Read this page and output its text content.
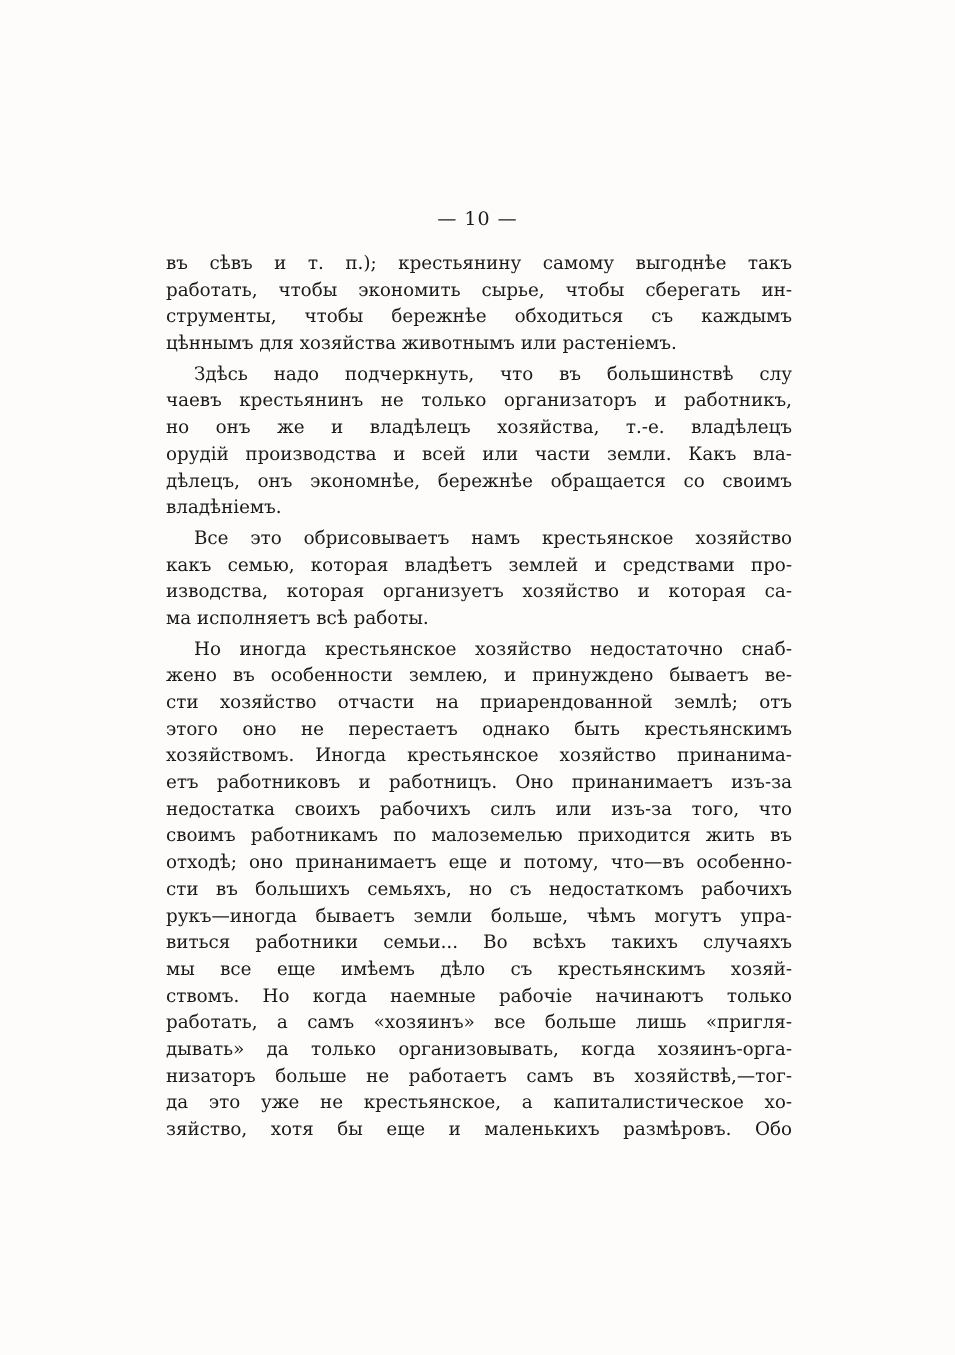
— 10 —
въ сѣвъ и т. п.); крестьянину самому выгоднѣе такъ
работать, чтобы экономить сырье, чтобы сберегать ин-
струменты, чтобы бережнѣе обходиться съ каждымъ
цѣннымъ для хозяйства животнымъ или растеніемъ.
Здѣсь надо подчеркнуть, что въ большинствѣ слу
чаевъ крестьянинъ не только организаторъ и работникъ,
но онъ же и владѣлецъ хозяйства, т.-е. владѣлецъ
орудій производства и всей или части земли. Какъ вла-
дѣлецъ, онъ экономнѣе, бережнѣе обращается со своимъ
владѣніемъ.
Все это обрисовываетъ намъ крестьянское хозяйство
какъ семью, которая владѣетъ землей и средствами про-
изводства, которая организуетъ хозяйство и которая са-
ма исполняетъ всѣ работы.
Но иногда крестьянское хозяйство недостаточно снаб-
жено въ особенности землею, и принуждено бываетъ ве-
сти хозяйство отчасти на приарендованной землѣ; отъ
этого оно не перестаетъ однако быть крестьянскимъ
хозяйствомъ. Иногда крестьянское хозяйство принанима-
етъ работниковъ и работницъ. Оно принанимаетъ изъ-за
недостатка своихъ рабочихъ силъ или изъ-за того, что
своимъ работникамъ по малоземелью приходится жить въ
отходѣ; оно принанимаетъ еще и потому, что—въ особенно-
сти въ большихъ семьяхъ, но съ недостаткомъ рабочихъ
рукъ—иногда бываетъ земли больше, чѣмъ могутъ упра-
виться работники семьи... Во всѣхъ такихъ случаяхъ
мы все еще имѣемъ дѣло съ крестьянскимъ хозяй-
ствомъ. Но когда наемные рабочіе начинаютъ только
работать, а самъ «хозяинъ» все больше лишь «пригля-
дывать» да только организовывать, когда хозяинъ-орга-
низаторъ больше не работаетъ самъ въ хозяйствѣ,—тог-
да это уже не крестьянское, а капиталистическое хо-
зяйство, хотя бы еще и маленькихъ размѣровъ. Обо
